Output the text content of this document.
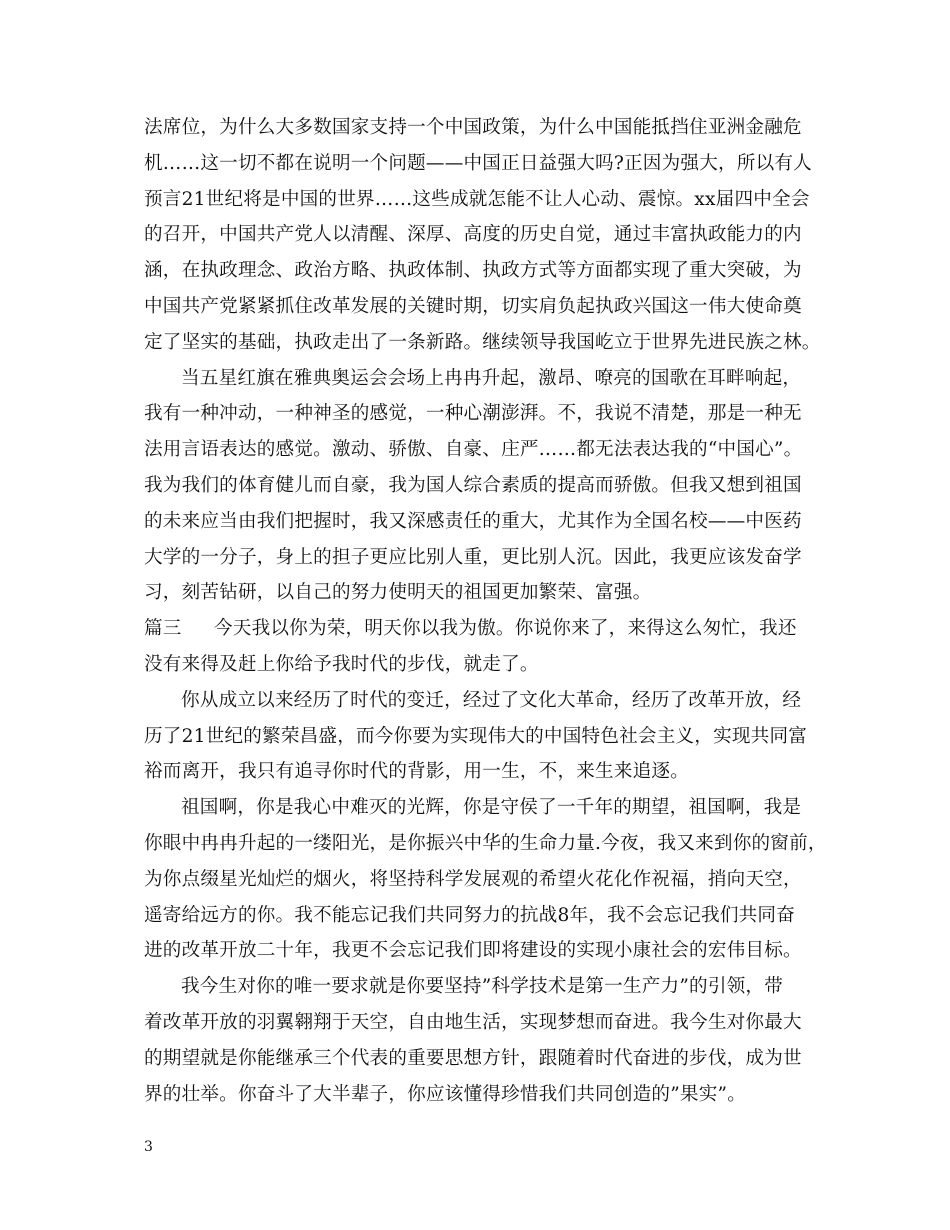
法席位，为什么大多数国家支持一个中国政策，为什么中国能抵挡住亚洲金融危
机……这一切不都在说明一个问题——中国正日益强大吗?正因为强大，所以有人
预言21世纪将是中国的世界……这些成就怎能不让人心动、震惊。xx届四中全会
的召开，中国共产党人以清醒、深厚、高度的历史自觉，通过丰富执政能力的内
涵，在执政理念、政治方略、执政体制、执政方式等方面都实现了重大突破，为
中国共产党紧紧抓住改革发展的关键时期，切实肩负起执政兴国这一伟大使命奠
定了坚实的基础，执政走出了一条新路。继续领导我国屹立于世界先进民族之林。
当五星红旗在雅典奥运会会场上冉冉升起，激昂、嘹亮的国歌在耳畔响起，
我有一种冲动，一种神圣的感觉，一种心潮澎湃。不，我说不清楚，那是一种无
法用言语表达的感觉。激动、骄傲、自豪、庄严……都无法表达我的“中国心”。
我为我们的体育健儿而自豪，我为国人综合素质的提高而骄傲。但我又想到祖国
的未来应当由我们把握时，我又深感责任的重大，尤其作为全国名校——中医药
大学的一分子，身上的担子更应比别人重，更比别人沉。因此，我更应该发奋学
习，刻苦钻研，以自己的努力使明天的祖国更加繁荣、富强。
篇三 今天我以你为荣，明天你以我为傲。你说你来了，来得这么匆忙，我还
没有来得及赶上你给予我时代的步伐，就走了。
你从成立以来经历了时代的变迁，经过了文化大革命，经历了改革开放，经
历了21世纪的繁荣昌盛，而今你要为实现伟大的中国特色社会主义，实现共同富
裕而离开，我只有追寻你时代的背影，用一生，不，来生来追逐。
祖国啊，你是我心中难灭的光辉，你是守侯了一千年的期望，祖国啊，我是
你眼中冉冉升起的一缕阳光，是你振兴中华的生命力量.今夜，我又来到你的窗前，
为你点缀星光灿烂的烟火，将坚持科学发展观的希望火花化作祝福，捎向天空，
遥寄给远方的你。我不能忘记我们共同努力的抗战8年，我不会忘记我们共同奋
进的改革开放二十年，我更不会忘记我们即将建设的实现小康社会的宏伟目标。
我今生对你的唯一要求就是你要坚持”科学技术是第一生产力”的引领，带
着改革开放的羽翼翱翔于天空，自由地生活，实现梦想而奋进。我今生对你最大
的期望就是你能继承三个代表的重要思想方针，跟随着时代奋进的步伐，成为世
界的壮举。你奋斗了大半辈子，你应该懂得珍惜我们共同创造的”果实”。
3
